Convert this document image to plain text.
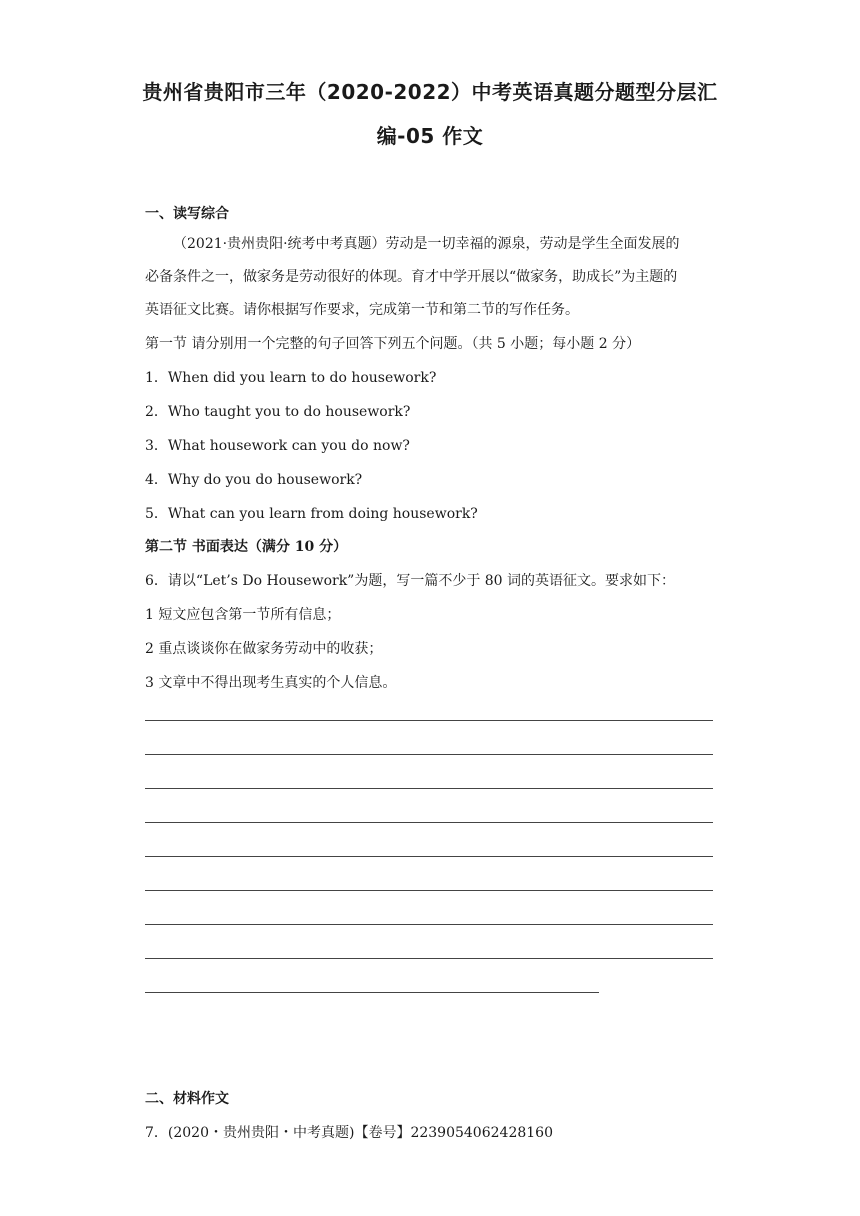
贵州省贵阳市三年（2020-2022）中考英语真题分题型分层汇
编-05 作文
一、读写综合
（2021·贵州贵阳·统考中考真题）劳动是一切幸福的源泉，劳动是学生全面发展的
必备条件之一，做家务是劳动很好的体现。育才中学开展以“做家务，助成长”为主题的
英语征文比赛。请你根据写作要求，完成第一节和第二节的写作任务。
第一节 请分别用一个完整的句子回答下列五个问题。（共 5 小题；每小题 2 分）
1．When did you learn to do housework?
2．Who taught you to do housework?
3．What housework can you do now?
4．Why do you do housework?
5．What can you learn from doing housework?
第二节 书面表达（满分 10 分）
6．请以“Let’s Do Housework”为题，写一篇不少于 80 词的英语征文。要求如下：
1 短文应包含第一节所有信息；
2 重点谈谈你在做家务劳动中的收获；
3 文章中不得出现考生真实的个人信息。
二、材料作文
7．(2020・贵州贵阳・中考真题)【卷号】2239054062428160
